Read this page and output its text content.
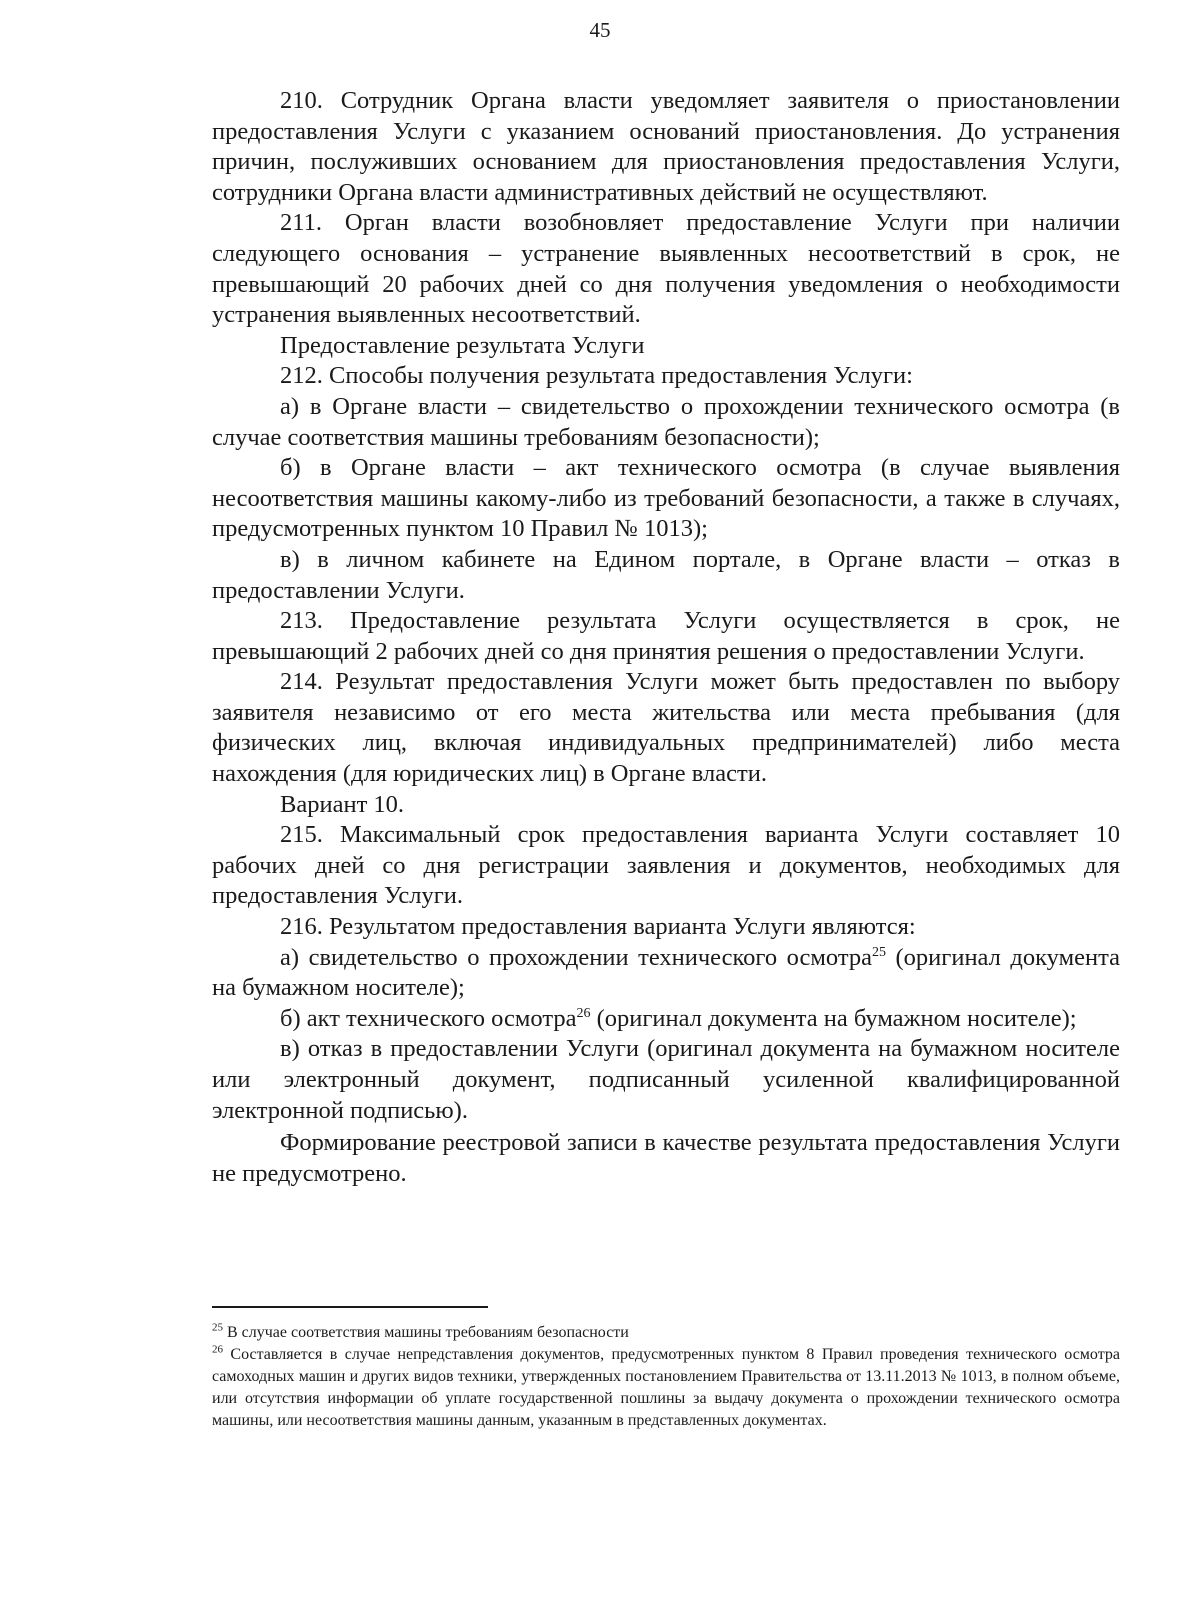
45

210. Сотрудник Органа власти уведомляет заявителя о приостановлении предоставления Услуги с указанием оснований приостановления. До устранения причин, послуживших основанием для приостановления предоставления Услуги, сотрудники Органа власти административных действий не осуществляют.

211. Орган власти возобновляет предоставление Услуги при наличии следующего основания – устранение выявленных несоответствий в срок, не превышающий 20 рабочих дней со дня получения уведомления о необходимости устранения выявленных несоответствий.

Предоставление результата Услуги

212. Способы получения результата предоставления Услуги:

а) в Органе власти – свидетельство о прохождении технического осмотра (в случае соответствия машины требованиям безопасности);

б) в Органе власти – акт технического осмотра (в случае выявления несоответствия машины какому-либо из требований безопасности, а также в случаях, предусмотренных пунктом 10 Правил № 1013);

в) в личном кабинете на Едином портале, в Органе власти – отказ в предоставлении Услуги.

213. Предоставление результата Услуги осуществляется в срок, не превышающий 2 рабочих дней со дня принятия решения о предоставлении Услуги.

214. Результат предоставления Услуги может быть предоставлен по выбору заявителя независимо от его места жительства или места пребывания (для физических лиц, включая индивидуальных предпринимателей) либо места нахождения (для юридических лиц) в Органе власти.

Вариант 10.

215. Максимальный срок предоставления варианта Услуги составляет 10 рабочих дней со дня регистрации заявления и документов, необходимых для предоставления Услуги.

216. Результатом предоставления варианта Услуги являются:

а) свидетельство о прохождении технического осмотра$^{25}$ (оригинал документа на бумажном носителе);

б) акт технического осмотра$^{26}$ (оригинал документа на бумажном носителе);

в) отказ в предоставлении Услуги (оригинал документа на бумажном носителе или электронный документ, подписанный усиленной квалифицированной электронной подписью).

Формирование реестровой записи в качестве результата предоставления Услуги не предусмотрено.

$^{25}$ В случае соответствия машины требованиям безопасности

$^{26}$ Составляется в случае непредставления документов, предусмотренных пунктом 8 Правил проведения технического осмотра самоходных машин и других видов техники, утвержденных постановлением Правительства от 13.11.2013 № 1013, в полном объеме, или отсутствия информации об уплате государственной пошлины за выдачу документа о прохождении технического осмотра машины, или несоответствия машины данным, указанным в представленных документах.
